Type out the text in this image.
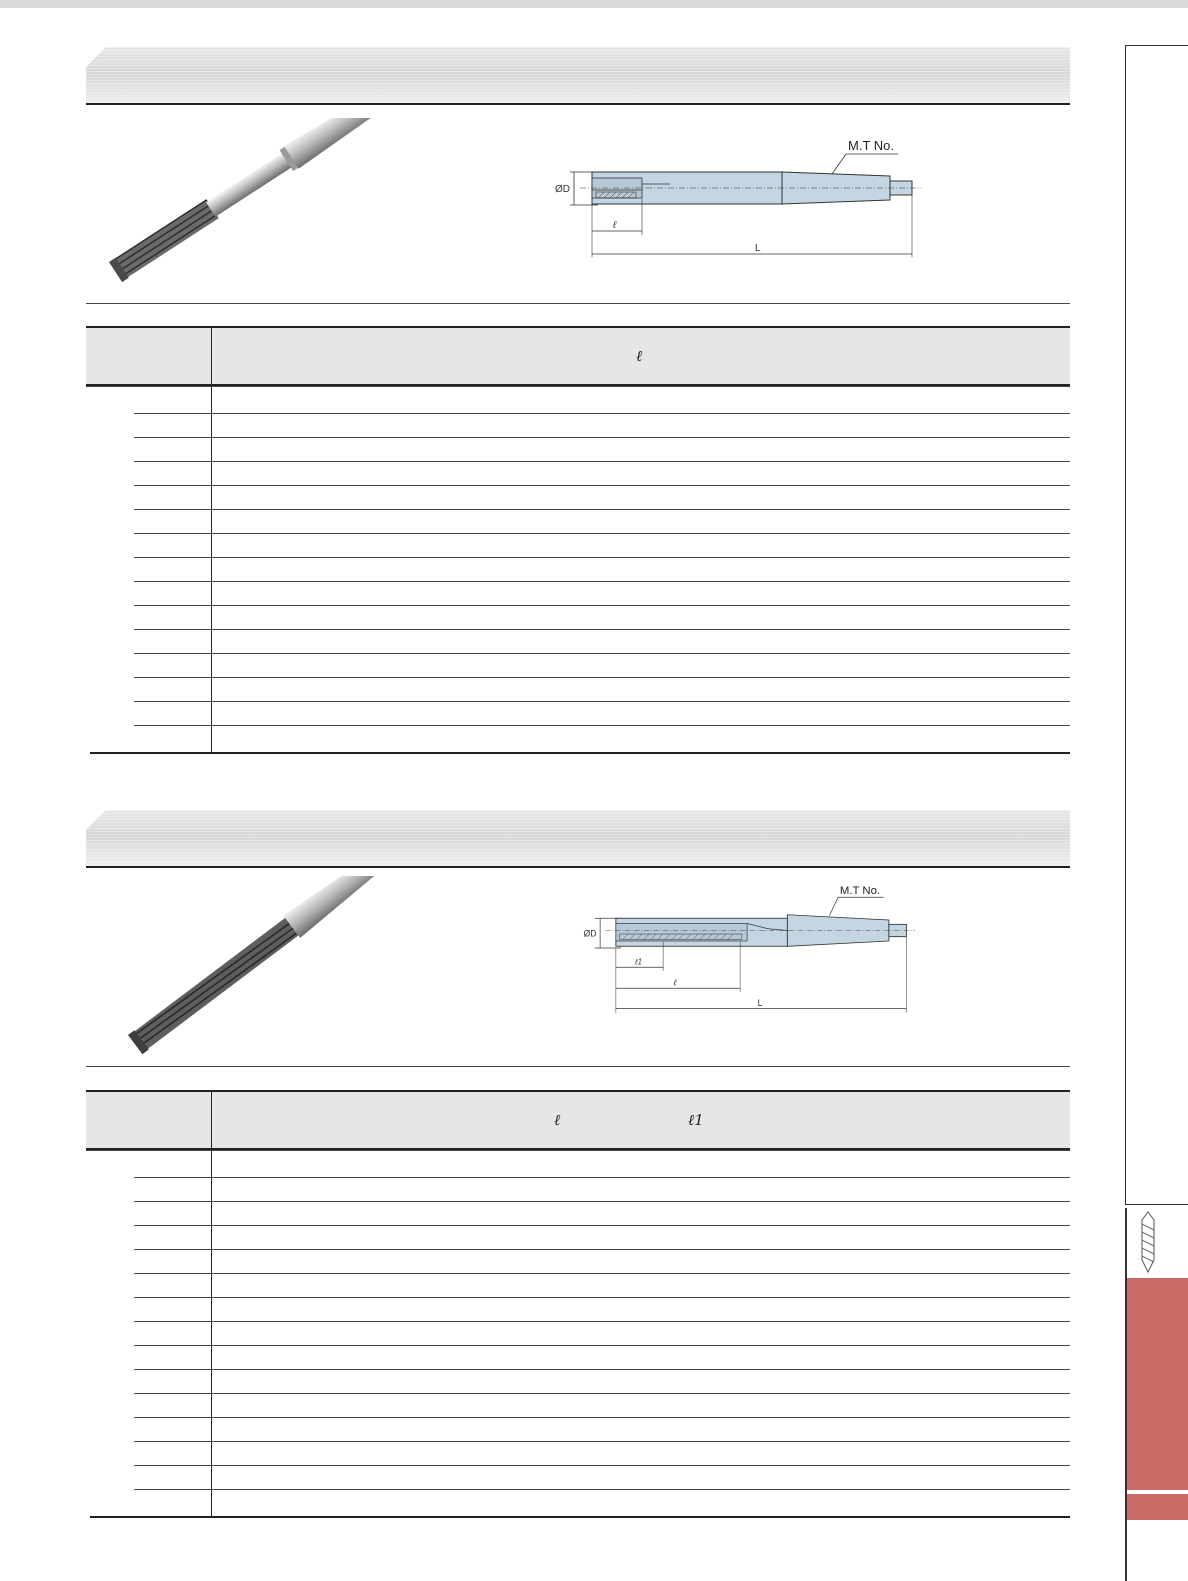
ØD
M.T No.
ℓ
L
ℓ
ØD
M.T No.
ℓ1
ℓ
L
ℓ	ℓ1
